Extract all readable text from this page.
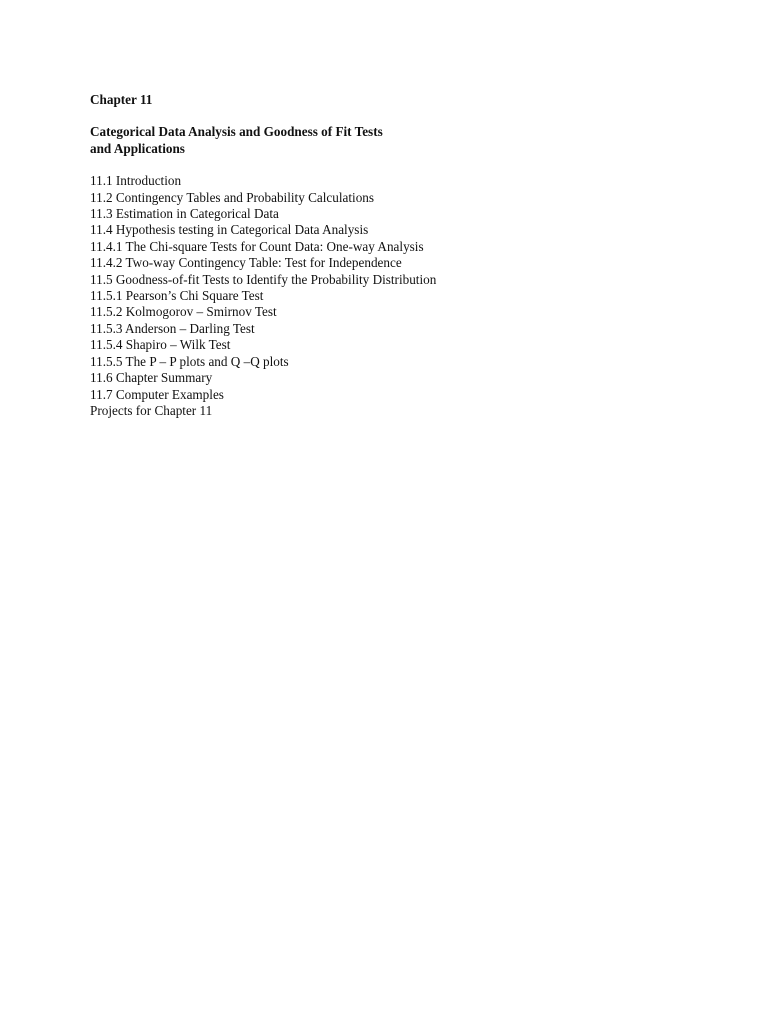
Chapter 11
Categorical Data Analysis and Goodness of Fit Tests
and Applications
11.1 Introduction
11.2 Contingency Tables and Probability Calculations
11.3 Estimation in Categorical Data
11.4 Hypothesis testing in Categorical Data Analysis
11.4.1 The Chi-square Tests for Count Data: One-way Analysis
11.4.2 Two-way Contingency Table: Test for Independence
11.5 Goodness-of-fit Tests to Identify the Probability Distribution
11.5.1 Pearson’s Chi Square Test
11.5.2 Kolmogorov – Smirnov Test
11.5.3 Anderson – Darling Test
11.5.4 Shapiro – Wilk Test
11.5.5 The P – P plots and Q –Q plots
11.6 Chapter Summary
11.7 Computer Examples
Projects for Chapter 11
